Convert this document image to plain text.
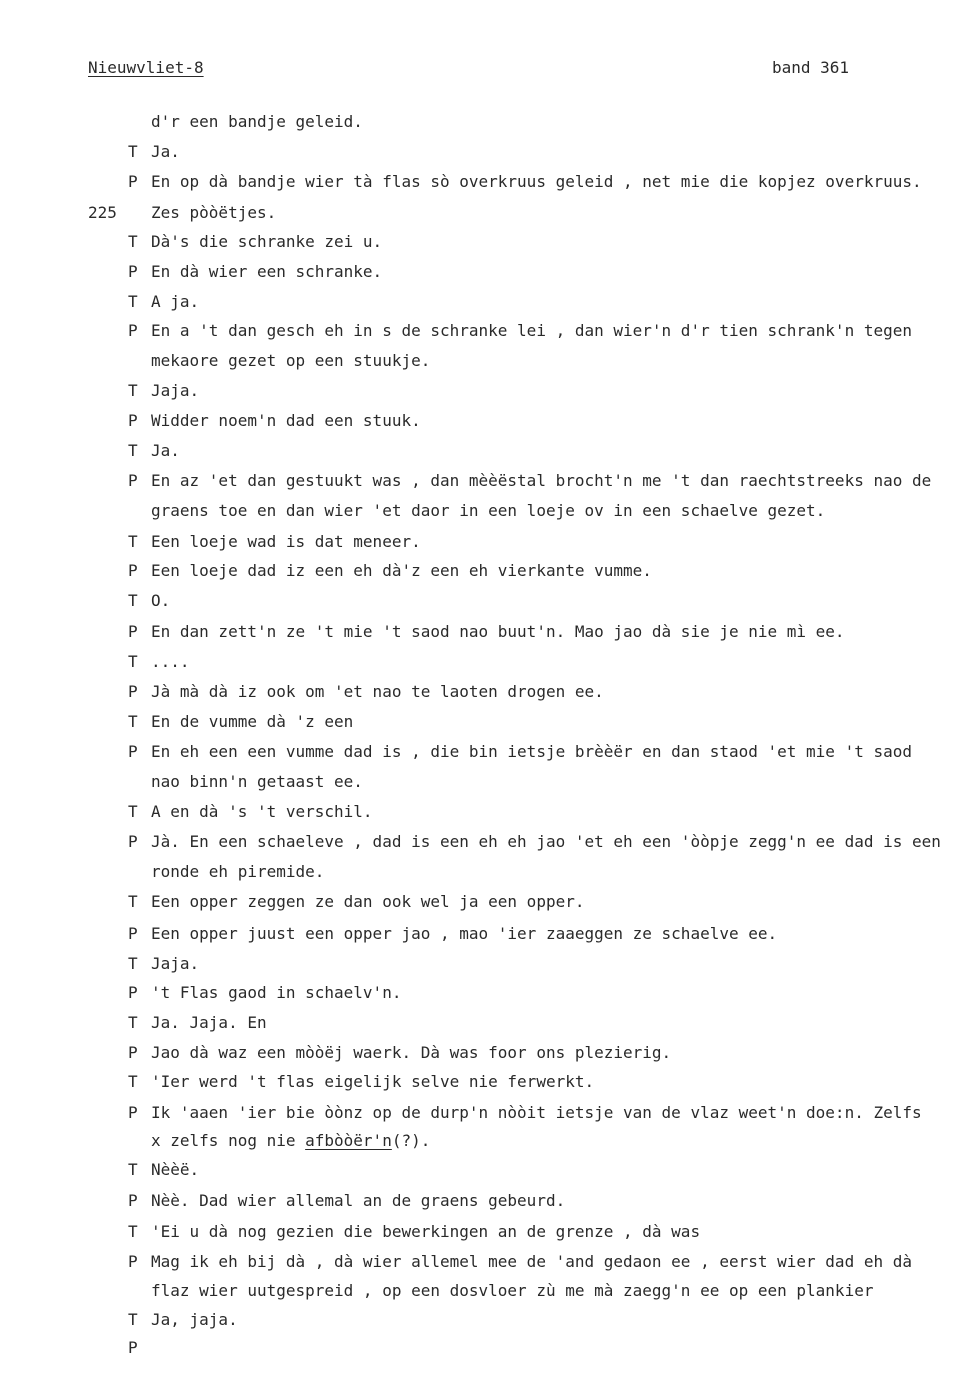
Nieuwvliet-8	band 361
d'r een bandje geleid.
T Ja.
P En op dà bandje wier tà flas sò overkruus geleid , net mie die kopjez overkruus.
225	Zes pòòëtjes.
T Dà's die schranke zei u.
P En dà wier een schranke.
T A ja.
P En a 't dan gesch eh in s de schranke lei , dan wier'n d'r tien schrank'n tegen
mekaore gezet op een stuukje.
T Jaja.
P Widder noem'n dad een stuuk.
T Ja.
P En az 'et dan gestuukt was , dan mèèëstal brocht'n me 't dan raechtstreeks nao de
graens toe en dan wier 'et daor in een loeje ov in een schaelve gezet.
T Een loeje wad is dat meneer.
P Een loeje dad iz een eh dà'z een eh vierkante vumme.
T O.
P En dan zett'n ze 't mie 't saod nao buut'n. Mao jao dà sie je nie mì ee.
T ....
P Jà mà dà iz ook om 'et nao te laoten drogen ee.
T En de vumme dà 'z een
P En eh een een vumme dad is , die bin ietsje brèèër en dan staod 'et mie 't saod
nao binn'n getaast ee.
T A en dà 's 't verschil.
P Jà. En een schaeleve , dad is een eh eh jao 'et eh een 'òòpje zegg'n ee dad is een
ronde eh piremide.
T Een opper zeggen ze dan ook wel ja een opper.
P Een opper juust een opper jao , mao 'ier zaaeggen ze schaelve ee.
T Jaja.
P 't Flas gaod in schaelv'n.
T Ja. Jaja. En
P Jao dà waz een mòòëj waerk. Dà was foor ons plezierig.
T 'Ier werd 't flas eigelijk selve nie ferwerkt.
P Ik 'aaen 'ier bie òònz op de durp'n nòòit ietsje van de vlaz weet'n doe:n. Zelfs
x zelfs nog nie afbòòër'n(?).
T Nèèë.
P Nèè. Dad wier allemal an de graens gebeurd.
T 'Ei u dà nog gezien die bewerkingen an de grenze , dà was
P Mag ik eh bij dà , dà wier allemel mee de 'and gedaon ee , eerst wier dad eh dà
flaz wier uutgespreid , op een dosvloer zù me mà zaegg'n ee op een plankier
T Ja, jaja.
P
